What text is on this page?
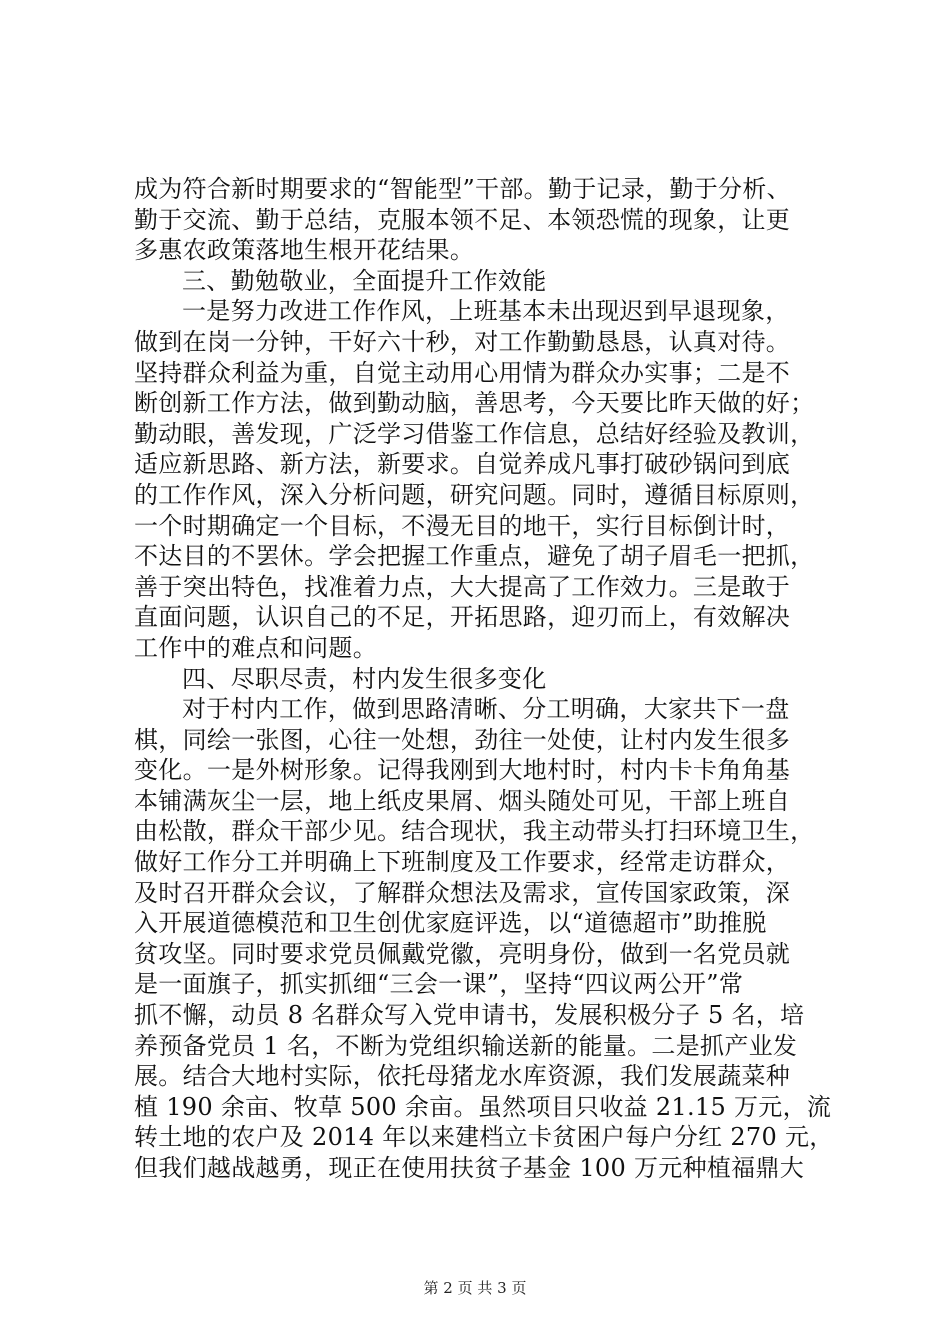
成为符合新时期要求的“智能型”干部。勤于记录，勤于分析、
勤于交流、勤于总结，克服本领不足、本领恐慌的现象，让更
多惠农政策落地生根开花结果。
三、勤勉敬业，全面提升工作效能
一是努力改进工作作风，上班基本未出现迟到早退现象，
做到在岗一分钟，干好六十秒，对工作勤勤恳恳，认真对待。
坚持群众利益为重，自觉主动用心用情为群众办实事；二是不
断创新工作方法，做到勤动脑，善思考，今天要比昨天做的好；
勤动眼，善发现，广泛学习借鉴工作信息，总结好经验及教训，
适应新思路、新方法，新要求。自觉养成凡事打破砂锅问到底
的工作作风，深入分析问题，研究问题。同时，遵循目标原则，
一个时期确定一个目标，不漫无目的地干，实行目标倒计时，
不达目的不罢休。学会把握工作重点，避免了胡子眉毛一把抓，
善于突出特色，找准着力点，大大提高了工作效力。三是敢于
直面问题，认识自己的不足，开拓思路，迎刃而上，有效解决
工作中的难点和问题。
四、尽职尽责，村内发生很多变化
对于村内工作，做到思路清晰、分工明确，大家共下一盘
棋，同绘一张图，心往一处想，劲往一处使，让村内发生很多
变化。一是外树形象。记得我刚到大地村时，村内卡卡角角基
本铺满灰尘一层，地上纸皮果屑、烟头随处可见，干部上班自
由松散，群众干部少见。结合现状，我主动带头打扫环境卫生，
做好工作分工并明确上下班制度及工作要求，经常走访群众，
及时召开群众会议，了解群众想法及需求，宣传国家政策，深
入开展道德模范和卫生创优家庭评选，以“道德超市”助推脱
贫攻坚。同时要求党员佩戴党徽，亮明身份，做到一名党员就
是一面旗子，抓实抓细“三会一课”，坚持“四议两公开”常
抓不懈，动员 8 名群众写入党申请书，发展积极分子 5 名，培
养预备党员 1 名，不断为党组织输送新的能量。二是抓产业发
展。结合大地村实际，依托母猪龙水库资源，我们发展蔬菜种
植 190 余亩、牧草 500 余亩。虽然项目只收益 21.15 万元，流
转土地的农户及 2014 年以来建档立卡贫困户每户分红 270 元，
但我们越战越勇，现正在使用扶贫子基金 100 万元种植福鼎大
第 2 页 共 3 页
